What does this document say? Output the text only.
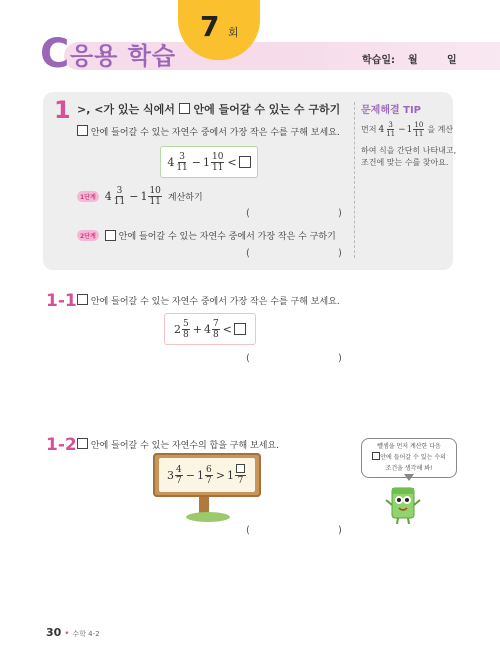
C 응용 학습
7 회
학습일: 월	일
1 >, <가 있는 식에서 안에 들어갈 수 있는 수 구하기
안에 들어갈 수 있는 자연수 중에서 가장 작은 수를 구해 보세요.
$4 \frac{3}{11} - 1 \frac{10}{11}$ <
1단계 $4 \frac{3}{11} - 1 \frac{10}{11}$ 계산하기
(	)
2단계	안에 들어갈 수 있는 자연수 중에서 가장 작은 수 구하기
(	)
문제해결 TIP
먼저 $4 \frac{3}{11} - 1 \frac{10}{11}$ 을 계산
하여 식을 간단히 나타내고,
조건에 맞는 수를 찾아요.
1-1	안에 들어갈 수 있는 자연수 중에서 가장 작은 수를 구해 보세요.
$2 \frac{5}{8} + 4 \frac{7}{8}$ <
(	)
1-2	안에 들어갈 수 있는 자연수의 합을 구해 보세요.
$3 \frac{4}{7} - 1 \frac{6}{7} > 1$ 7
(	)
뺄셈을 먼저 계산한 다음
안에 들어갈 수 있는 수의
조건을 생각해 봐!
30 • 수학 4-2
